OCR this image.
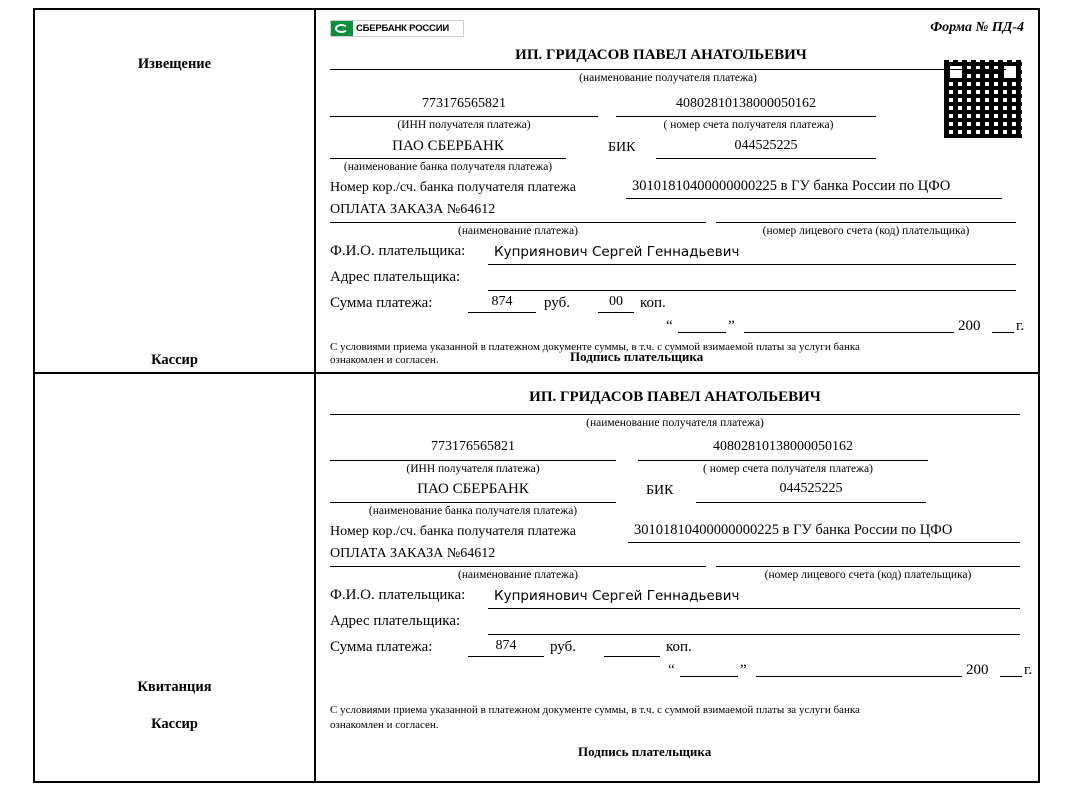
Извещение
Кассир
СБЕРБАНК РОССИИ	Форма № ПД-4
ИП. ГРИДАСОВ ПАВЕЛ АНАТОЛЬЕВИЧ
(наименование получателя платежа)
773176565821
(ИНН получателя платежа)
40802810138000050162
( номер счета получателя платежа)
ПАО СБЕРБАНК
(наименование банка получателя платежа)
БИК	044525225
Номер кор./сч. банка получателя платежа	30101810400000000225 в ГУ банка России по ЦФО
ОПЛАТА ЗАКАЗА №64612
(наименование платежа)	(номер лицевого счета (код) плательщика)
Ф.И.О. плательщика: Куприянович Сергей Геннадьевич
Адрес плательщика:
Сумма платежа:	874	руб.	00	коп.
“	”	200 г.
С условиями приема указанной в платежном документе суммы, в т.ч. с суммой взимаемой платы за услуги банка
ознакомлен и согласен.	Подпись плательщика
Квитанция
Кассир
ИП. ГРИДАСОВ ПАВЕЛ АНАТОЛЬЕВИЧ
(наименование получателя платежа)
773176565821
(ИНН получателя платежа)
40802810138000050162
( номер счета получателя платежа)
ПАО СБЕРБАНК
(наименование банка получателя платежа)
БИК	044525225
Номер кор./сч. банка получателя платежа	30101810400000000225 в ГУ банка России по ЦФО
ОПЛАТА ЗАКАЗА №64612
(наименование платежа)	(номер лицевого счета (код) плательщика)
Ф.И.О. плательщика: Куприянович Сергей Геннадьевич
Адрес плательщика:
Сумма платежа:	874	руб.	коп.
“	”	200 г.
С условиями приема указанной в платежном документе суммы, в т.ч. с суммой взимаемой платы за услуги банка
ознакомлен и согласен.
Подпись плательщика
